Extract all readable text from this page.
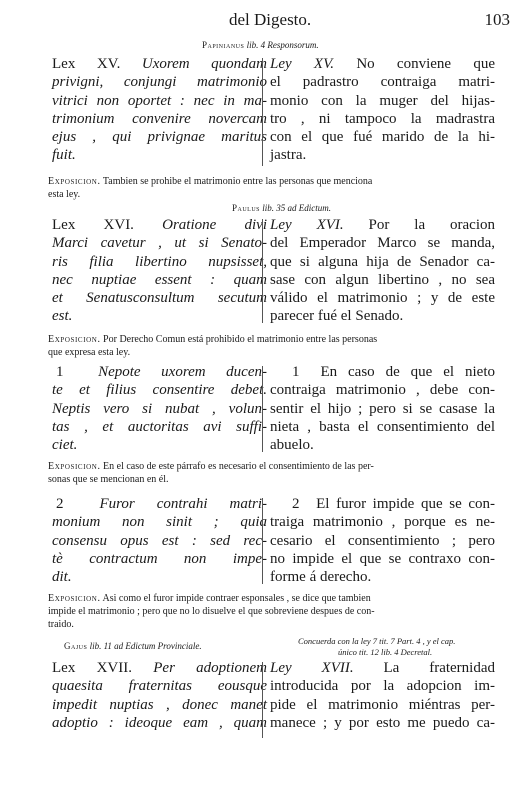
del Digesto.	103
Papinianus lib. 4 Responsorum.
Lex XV. Uxorem quondam
privigni, conjungi matrimonio
vitrici non oportet : nec in ma-
trimonium convenire novercam
ejus , qui privignae maritus
fuit.
Ley XV. No conviene que
el padrastro contraiga matri-
monio con la muger del hijas-
tro , ni tampoco la madrastra
con el que fué marido de la hi-
jastra.
Exposicion. Tambien se prohibe el matrimonio entre las personas que menciona
esta ley.
Paulus lib. 35 ad Edictum.
Lex XVI. Oratione divi
Marci cavetur , ut si Senato-
ris filia libertino nupsisset,
nec nuptiae essent : quam
et Senatusconsultum secutum
est.
Ley XVI. Por la oracion
del Emperador Marco se manda,
que si alguna hija de Senador ca-
sase con algun libertino , no sea
válido el matrimonio ; y de este
parecer fué el Senado.
Exposicion. Por Derecho Comun está prohibido el matrimonio entre las personas
que expresa esta ley.
1 Nepote uxorem ducen-
te et filius consentire debet.
Neptis vero si nubat , volun-
tas , et auctoritas avi suffi-
ciet.
1 En caso de que el nieto
contraiga matrimonio , debe con-
sentir el hijo ; pero si se casase la
nieta , basta el consentimiento del
abuelo.
Exposicion. En el caso de este párrafo es necesario el consentimiento de las per-
sonas que se mencionan en él.
2 Furor contrahi matri-
monium non sinit ; quia
consensu opus est : sed rec-
tè contractum non impe-
dit.
2 El furor impide que se con-
traiga matrimonio , porque es ne-
cesario el consentimiento ; pero
no impide el que se contraxo con-
forme á derecho.
Exposicion. Asi como el furor impide contraer esponsales , se dice que tambien
impide el matrimonio ; pero que no lo disuelve el que sobreviene despues de con-
traido.
Gajus lib. 11 ad Edictum Provinciale.	Concuerda con la ley 7 tit. 7 Part. 4 , y el cap.
único tit. 12 lib. 4 Decretal.
Lex XVII. Per adoptionem
quaesita fraternitas eousque
impedit nuptias , donec manet
adoptio : ideoque eam , quam
Ley XVII. La fraternidad
introducida por la adopcion im-
pide el matrimonio miéntras per-
manece ; y por esto me puedo ca-
